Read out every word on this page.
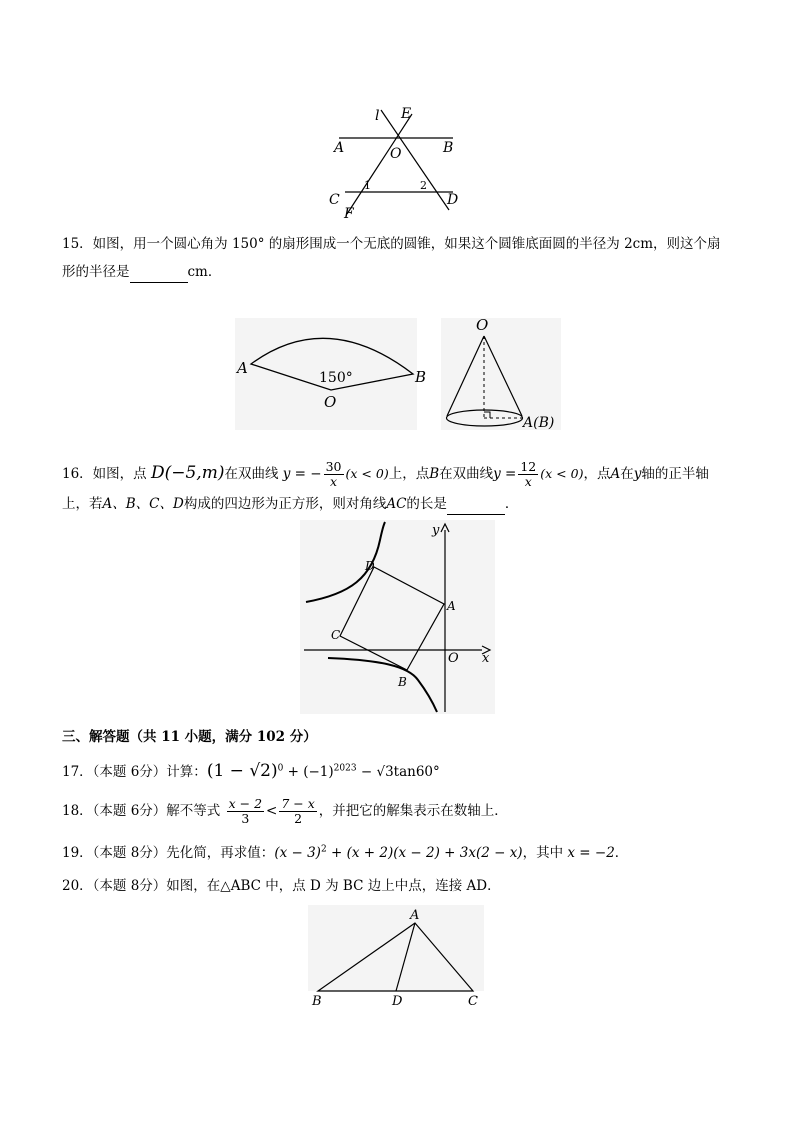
l E
A	O	B
C
1	2
D
F
15．如图，用一个圆心角为 150° 的扇形围成一个无底的圆锥，如果这个圆锥底面圆的半径为 2cm，则这个扇
形的半径是	cm．
A	B
O
150°
O
A(B)
16．如图，点 D(−5,m)在双曲线 y = − $\frac{30}{x} (x < 0)$上，点B在双曲线$y = \frac{12}{x} (x < 0)$，点A在y轴的正半轴
上，若A、B、C、D构成的四边形为正方形，则对角线AC的长是	．
y
x
O
D
A
C
B
三、解答题（共 11 小题，满分 102 分）
17．（本题 6分）计算：$(1 - √2)^0 + (-1)^{2023} - √3\tan 60^\circ$
18．（本题 6分）解不等式 $\frac{x - 2}{3} < \frac{7 - x}{2}$ ，并把它的解集表示在数轴上．
19．（本题 8分）先化简，再求值：$(x - 3)^2 + (x + 2)(x - 2) + 3x(2 - x)$，其中 x = −2．
20．（本题 8分）如图，在△ABC 中，点 D 为 BC 边上中点，连接 AD．
A
B	D	C
